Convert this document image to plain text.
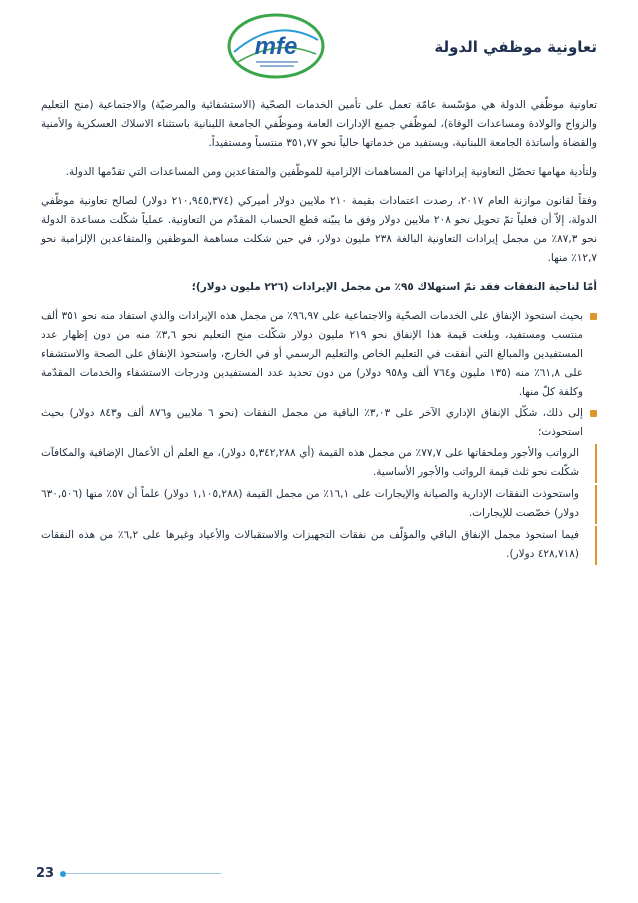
mfe	تعاونية موظفي الدولة

تعاونية موظّفي الدولة هي مؤسّسة عامّة تعمل على تأمين الخدمات الصحّية (الاستشفائية والمرضيّة) والاجتماعية (منح التعليم والزواج والولادة ومساعدات الوفاة)، لموظّفي جميع الإدارات العامة وموظّفي الجامعة اللبنانية باستثناء الاسلاك العسكرية والأمنية والقضاة وأساتذة الجامعة اللبنانية، ويستفيد من خدماتها حالياً نحو ٣٥١,٧٧ منتسباً ومستفيداً.

ولتأدية مهامها تحصّل التعاونية إيراداتها من المساهمات الإلزامية للموظّفين والمتقاعدين ومن المساعدات التي تقدّمها الدولة.

وفقاً لقانون موازنة العام ٢٠١٧، رصدت اعتمادات بقيمة ٢١٠ ملايين دولار أميركي (٢١٠,٩٤٥,٣٧٤ دولار) لصالح تعاونية موظّفي الدولة، إلاّ أن فعلياً تمّ تحويل نحو ٢٠٨ ملايين دولار وفق ما يبيّنه قطع الحساب المقدّم من التعاونية. عملياً شكّلت مساعدة الدولة نحو ٨٧,٣٪ من مجمل إيرادات التعاونية البالغة ٢٣٨ مليون دولار، في حين شكلت مساهمة الموظفين والمتقاعدين الإلزامية نحو ١٢,٧٪ منها.

أمّا لناحية النفقات فقد تمّ استهلاك ٩٥٪ من مجمل الإيرادات (٢٢٦ مليون دولار)؛
بحيث استحوذ الإنفاق على الخدمات الصحّية والاجتماعية على ٩٦,٩٧٪ من مجمل هذه الإيرادات والذي استفاد منه نحو ٣٥١ ألف منتسب ومستفيد، وبلغت قيمة هذا الإنفاق نحو ٢١٩ مليون دولار شكّلت منح التعليم نحو ٣,٦٪ منه من دون إظهار عدد المستفيدين والمبالغ التي أنفقت في التعليم الخاص والتعليم الرسمي أو في الخارج، واستحوذ الإنفاق على الصحة والاستشفاء على ٦١,٨٪ منه (١٣٥ مليون و٧٦٤ ألف و٩٥٨ دولار) من دون تحديد عدد المستفيدين ودرجات الاستشفاء والخدمات المقدّمة وكلفة كلّ منها.
إلى ذلك، شكّل الإنفاق الإداري الآخر على ٣,٠٣٪ الباقية من مجمل النفقات (نحو ٦ ملايين و٨٧٦ ألف و٨٤٣ دولار) بحيث استحوذت؛
الرواتب والأجور وملحقاتها على ٧٧,٧٪ من مجمل هذه القيمة (أي ٥,٣٤٢,٢٨٨ دولار)، مع العلم أن الأعمال الإضافية والمكافآت شكّلت نحو ثلث قيمة الرواتب والأجور الأساسية.
واستحوذت النفقات الإدارية والصيانة والإيجارات على ١٦,١٪ من مجمل القيمة (١,١٠٥,٢٨٨ دولار) علماً أن ٥٧٪ منها (٦٣٠,٥٠٦ دولار) خصّصت للإيجارات.
فيما استحوذ مجمل الإنفاق الباقي والمؤلّف من نفقات التجهيزات والاستقبالات والأعياد وغيرها على ٦,٢٪ من هذه النفقات (٤٢٨,٧١٨ دولار).
23
